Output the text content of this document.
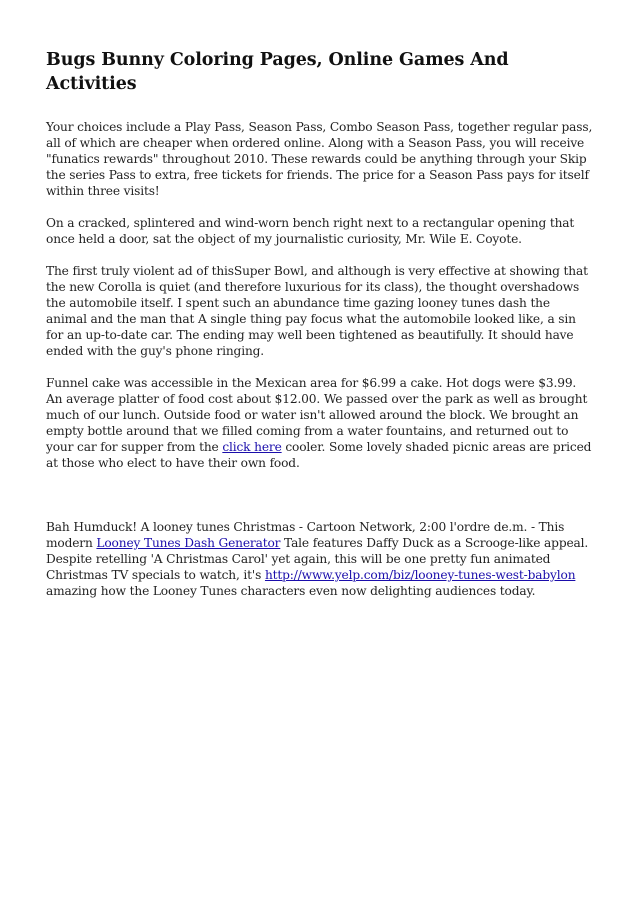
Bugs Bunny Coloring Pages, Online Games And Activities

Your choices include a Play Pass, Season Pass, Combo Season Pass, together regular pass, all of which are cheaper when ordered online. Along with a Season Pass, you will receive "funatics rewards" throughout 2010. These rewards could be anything through your Skip the series Pass to extra, free tickets for friends. The price for a Season Pass pays for itself within three visits!

On a cracked, splintered and wind-worn bench right next to a rectangular opening that once held a door, sat the object of my journalistic curiosity, Mr. Wile E. Coyote.

The first truly violent ad of thisSuper Bowl, and although is very effective at showing that the new Corolla is quiet (and therefore luxurious for its class), the thought overshadows the automobile itself. I spent such an abundance time gazing looney tunes dash the animal and the man that A single thing pay focus what the automobile looked like, a sin for an up-to-date car. The ending may well been tightened as beautifully. It should have ended with the guy's phone ringing.

Funnel cake was accessible in the Mexican area for $6.99 a cake. Hot dogs were $3.99. An average platter of food cost about $12.00. We passed over the park as well as brought much of our lunch. Outside food or water isn't allowed around the block. We brought an empty bottle around that we filled coming from a water fountains, and returned out to your car for supper from the click here cooler. Some lovely shaded picnic areas are priced at those who elect to have their own food.

Bah Humduck! A looney tunes Christmas - Cartoon Network, 2:00 l'ordre de.m. - This modern Looney Tunes Dash Generator Tale features Daffy Duck as a Scrooge-like appeal. Despite retelling 'A Christmas Carol' yet again, this will be one pretty fun animated Christmas TV specials to watch, it's http://www.yelp.com/biz/looney-tunes-west-babylon amazing how the Looney Tunes characters even now delighting audiences today.
